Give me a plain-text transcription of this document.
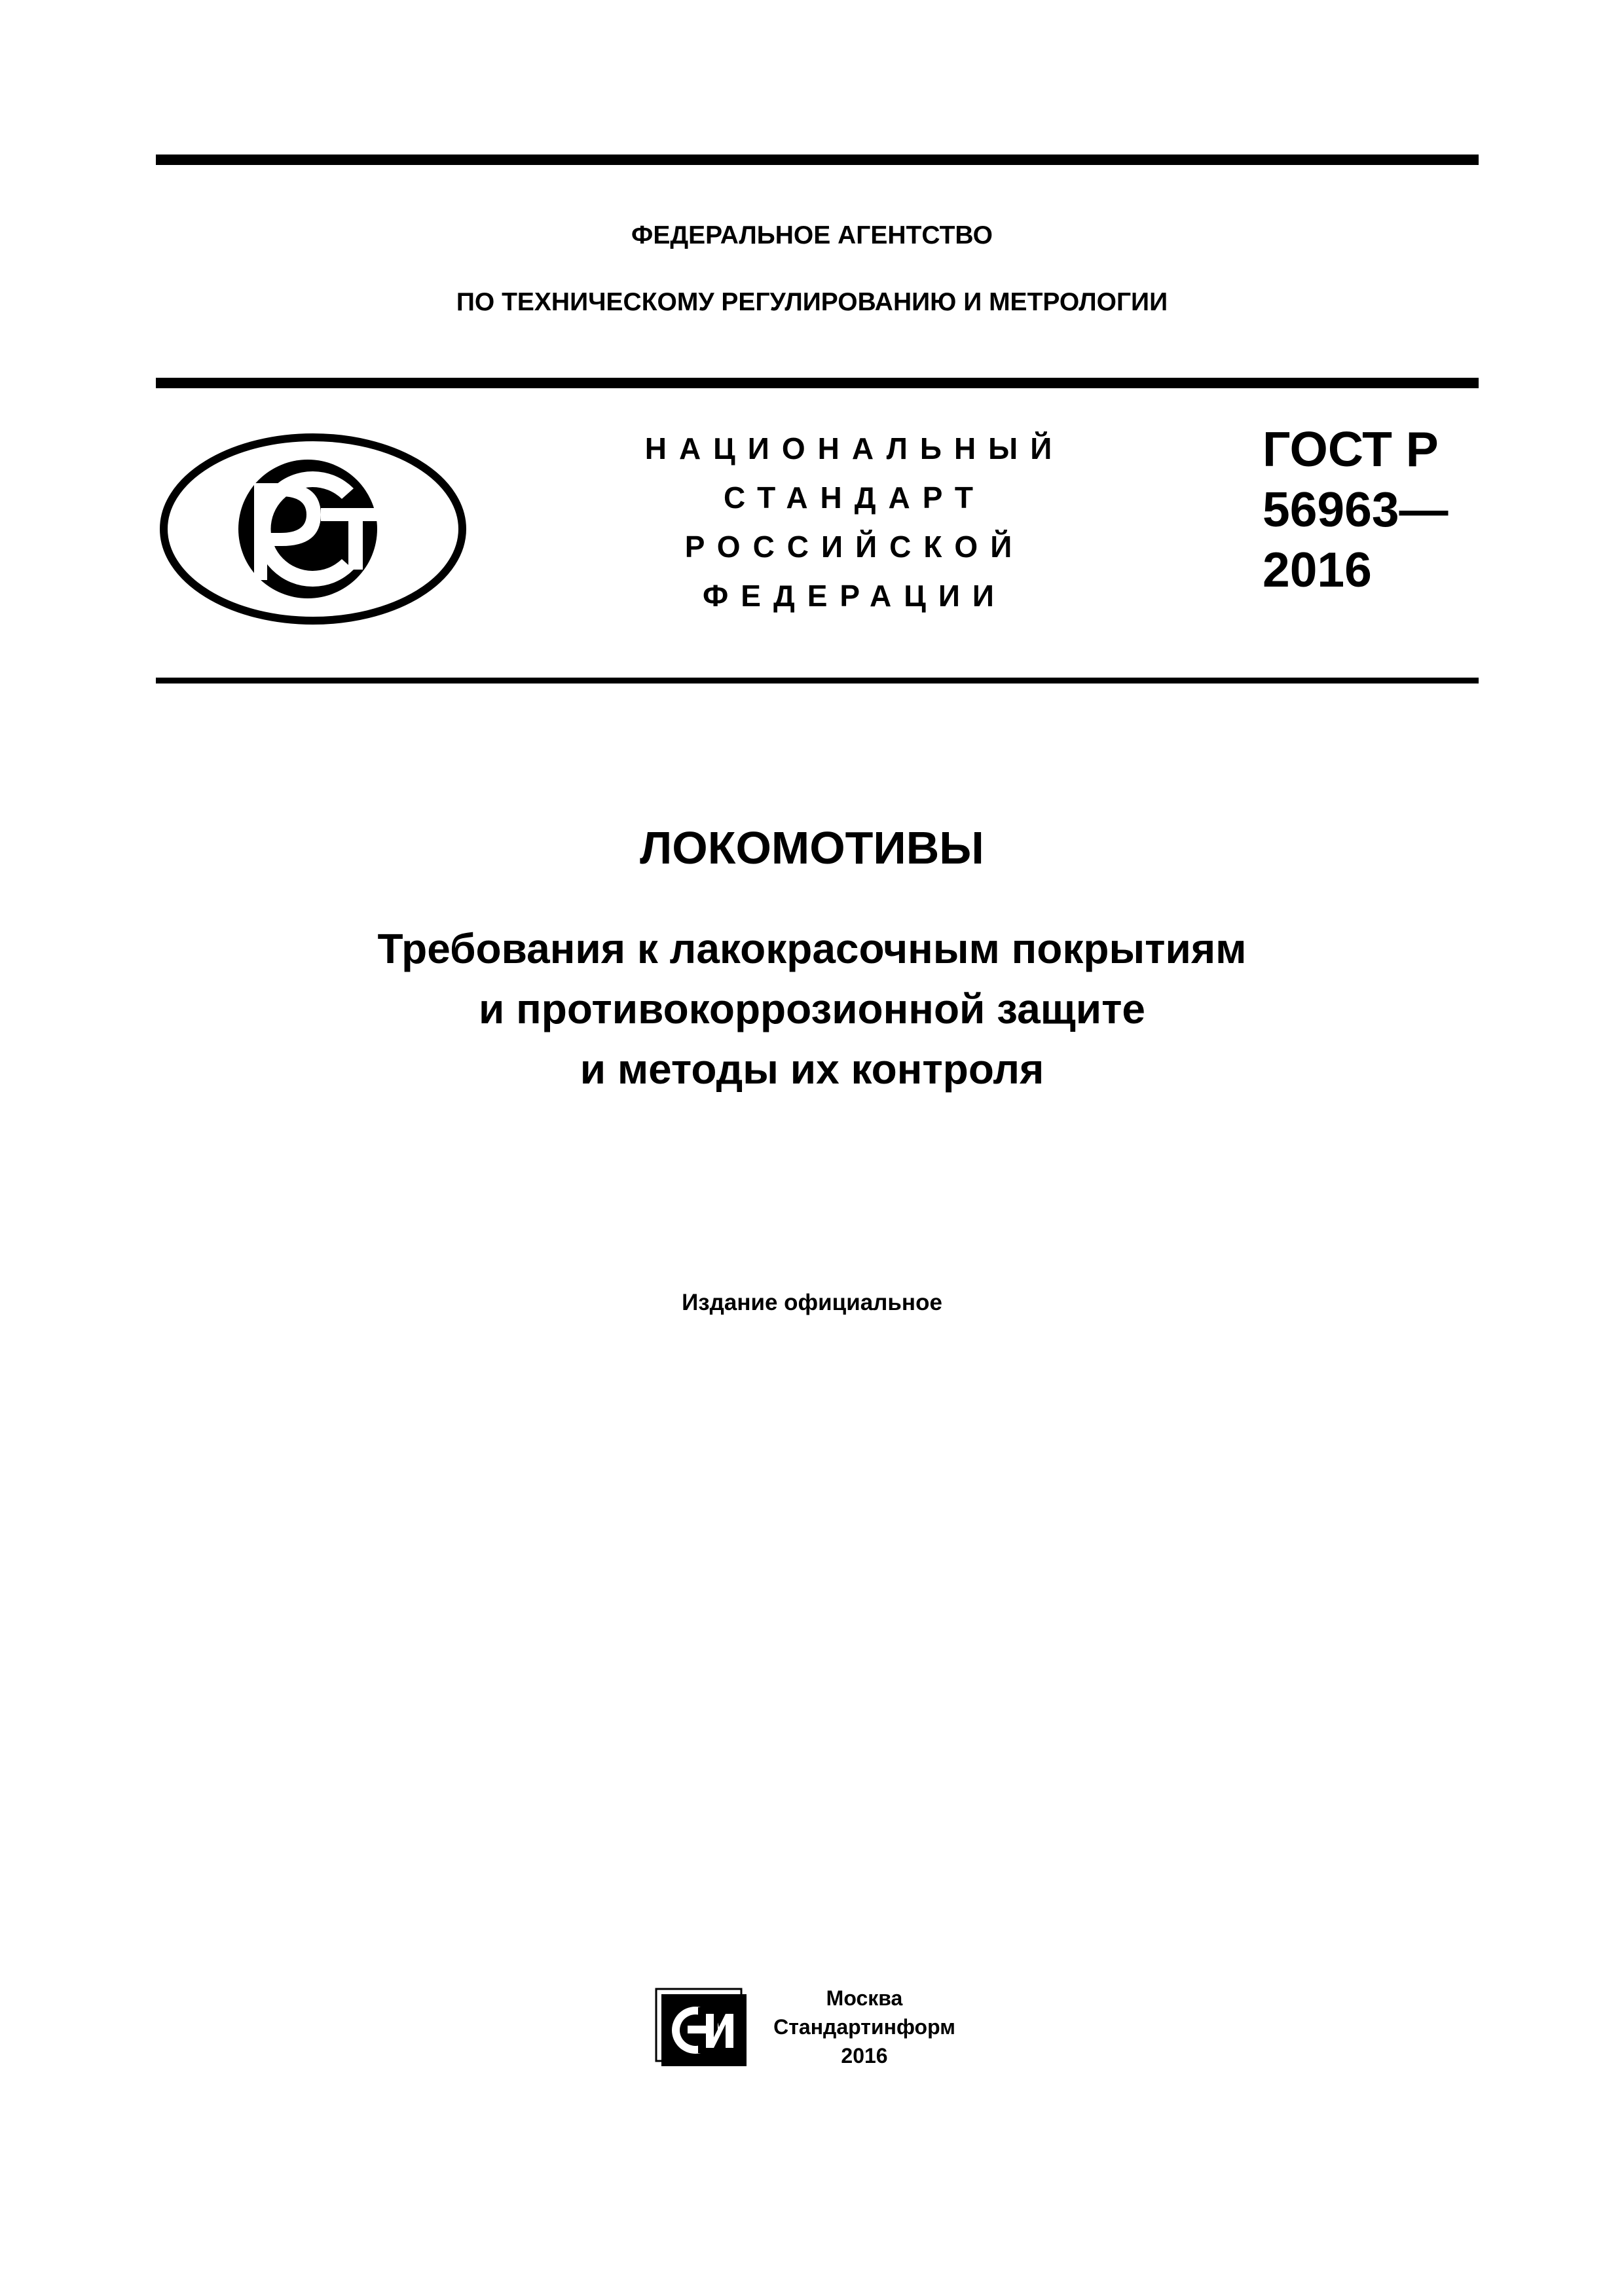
ФЕДЕРАЛЬНОЕ АГЕНТСТВО
ПО ТЕХНИЧЕСКОМУ РЕГУЛИРОВАНИЮ И МЕТРОЛОГИИ
НАЦИОНАЛЬНЫЙ
СТАНДАРТ
РОССИЙСКОЙ
ФЕДЕРАЦИИ
ГОСТ Р
56963—
2016
ЛОКОМОТИВЫ
Требования к лакокрасочным покрытиям
и противокоррозионной защите
и методы их контроля
Издание официальное
Москва
Стандартинформ
2016
